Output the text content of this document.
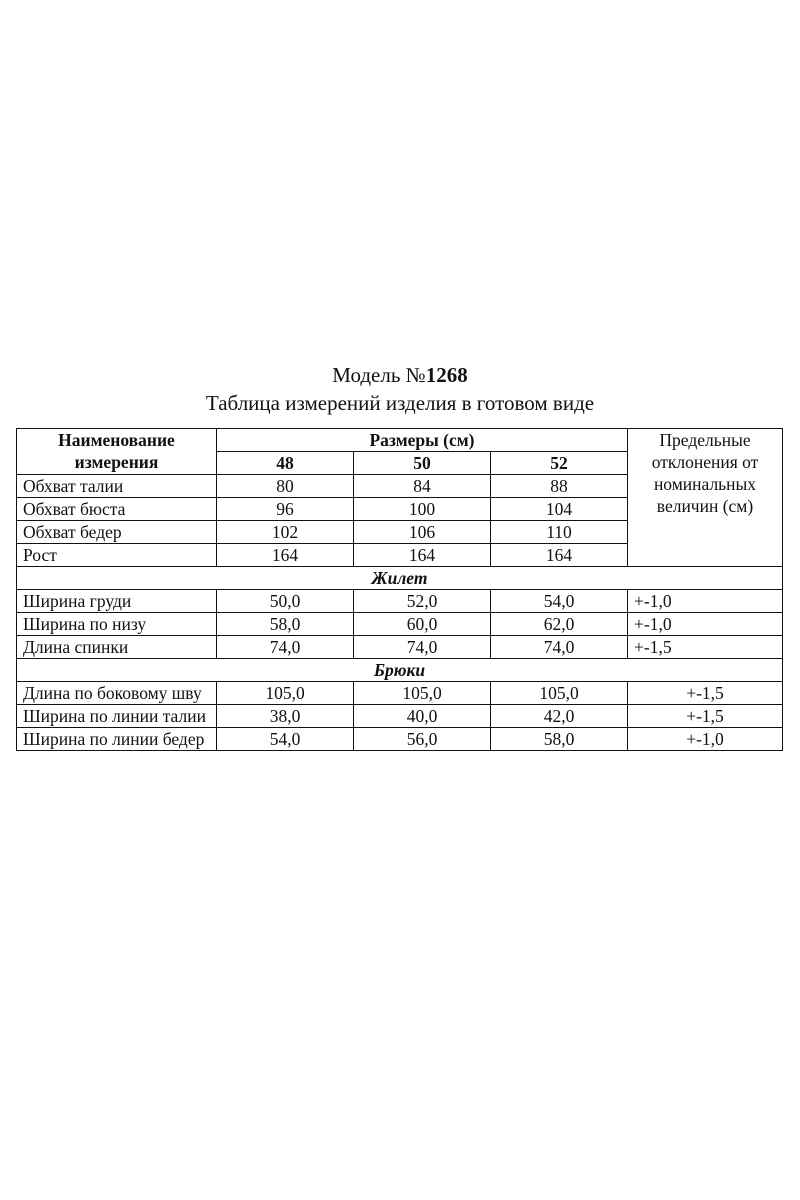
Модель №1268
Таблица измерений изделия в готовом виде
Наименование
измерения	Размеры (см)			Предельные отклонения от номинальных величин (см)
	48	50	52	
Обхват талии	80	84	88	
Обхват бюста	96	100	104	
Обхват бедер	102	106	110	
Рост	164	164	164	
Жилет				
Ширина груди	50,0	52,0	54,0	+-1,0
Ширина по низу	58,0	60,0	62,0	+-1,0
Длина спинки	74,0	74,0	74,0	+-1,5
Брюки				
Длина по боковому шву	105,0	105,0	105,0	+-1,5
Ширина по линии талии	38,0	40,0	42,0	+-1,5
Ширина по линии бедер	54,0	56,0	58,0	+-1,0
